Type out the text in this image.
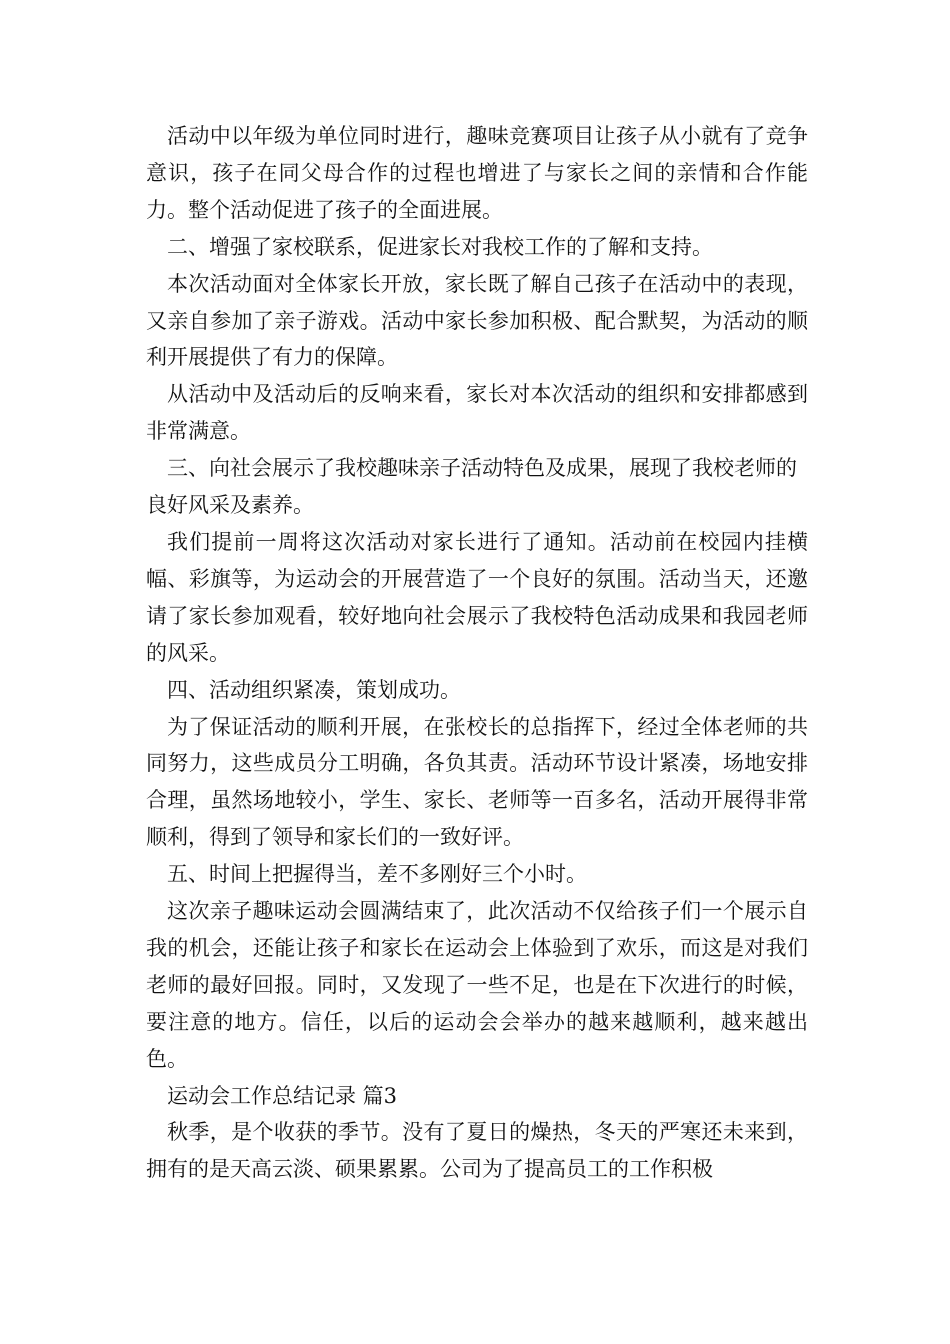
活动中以年级为单位同时进行，趣味竞赛项目让孩子从小就有了竞争意识，孩子在同父母合作的过程也增进了与家长之间的亲情和合作能力。整个活动促进了孩子的全面进展。

二、增强了家校联系，促进家长对我校工作的了解和支持。

本次活动面对全体家长开放，家长既了解自己孩子在活动中的表现，又亲自参加了亲子游戏。活动中家长参加积极、配合默契，为活动的顺利开展提供了有力的保障。

从活动中及活动后的反响来看，家长对本次活动的组织和安排都感到非常满意。

三、向社会展示了我校趣味亲子活动特色及成果，展现了我校老师的良好风采及素养。

我们提前一周将这次活动对家长进行了通知。活动前在校园内挂横幅、彩旗等，为运动会的开展营造了一个良好的氛围。活动当天，还邀请了家长参加观看，较好地向社会展示了我校特色活动成果和我园老师的风采。

四、活动组织紧凑，策划成功。

为了保证活动的顺利开展，在张校长的总指挥下，经过全体老师的共同努力，这些成员分工明确，各负其责。活动环节设计紧凑，场地安排合理，虽然场地较小，学生、家长、老师等一百多名，活动开展得非常顺利，得到了领导和家长们的一致好评。

五、时间上把握得当，差不多刚好三个小时。

这次亲子趣味运动会圆满结束了，此次活动不仅给孩子们一个展示自我的机会，还能让孩子和家长在运动会上体验到了欢乐，而这是对我们老师的最好回报。同时，又发现了一些不足，也是在下次进行的时候，要注意的地方。信任，以后的运动会会举办的越来越顺利，越来越出色。

运动会工作总结记录 篇3

秋季，是个收获的季节。没有了夏日的燥热，冬天的严寒还未来到，拥有的是天高云淡、硕果累累。公司为了提高员工的工作积极
